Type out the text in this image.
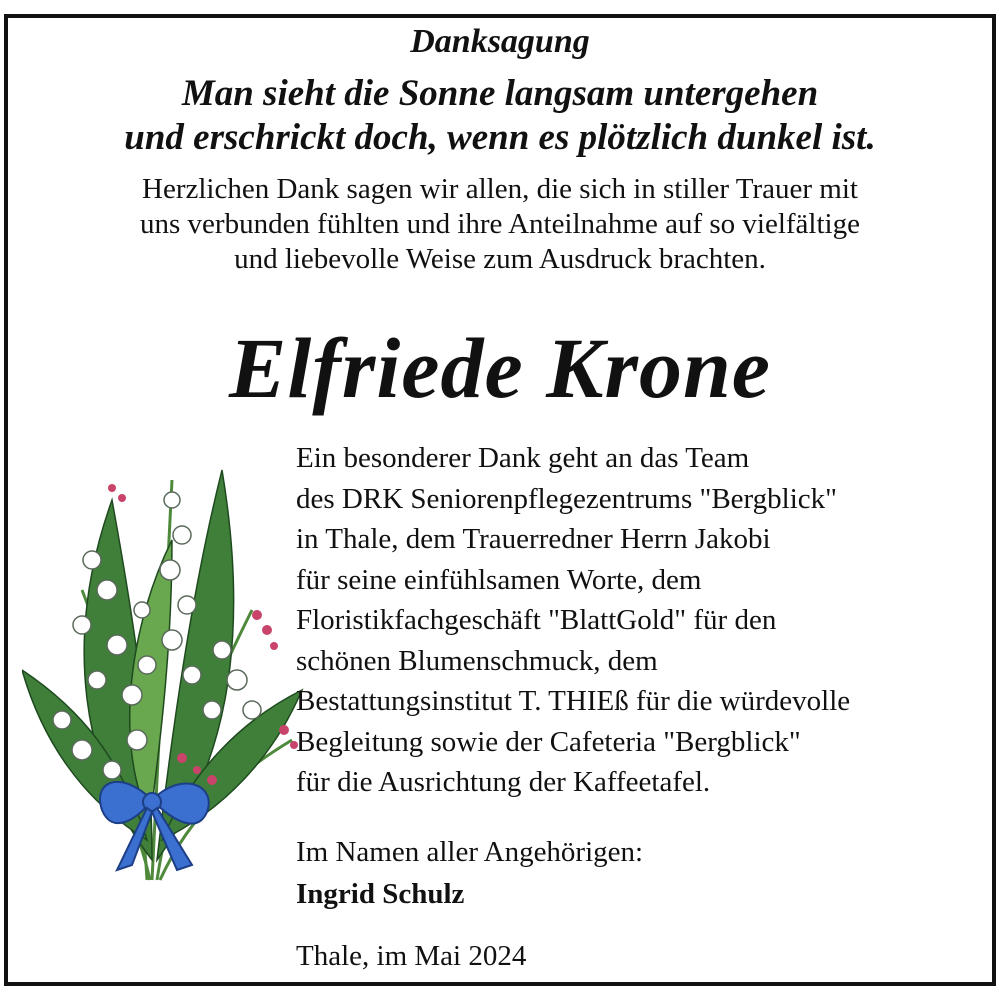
Danksagung
Man sieht die Sonne langsam untergehen
und erschrickt doch, wenn es plötzlich dunkel ist.
Herzlichen Dank sagen wir allen, die sich in stiller Trauer mit
uns verbunden fühlten und ihre Anteilnahme auf so vielfältige
und liebevolle Weise zum Ausdruck brachten.
Elfriede Krone
Ein besonderer Dank geht an das Team
des DRK Seniorenpflegezentrums "Bergblick"
in Thale, dem Trauerredner Herrn Jakobi
für seine einfühlsamen Worte, dem
Floristikfachgeschäft "BlattGold" für den
schönen Blumenschmuck, dem
Bestattungsinstitut T. THIEß für die würdevolle
Begleitung sowie der Cafeteria "Bergblick"
für die Ausrichtung der Kaffeetafel.
Im Namen aller Angehörigen:
Ingrid Schulz
Thale, im Mai 2024
